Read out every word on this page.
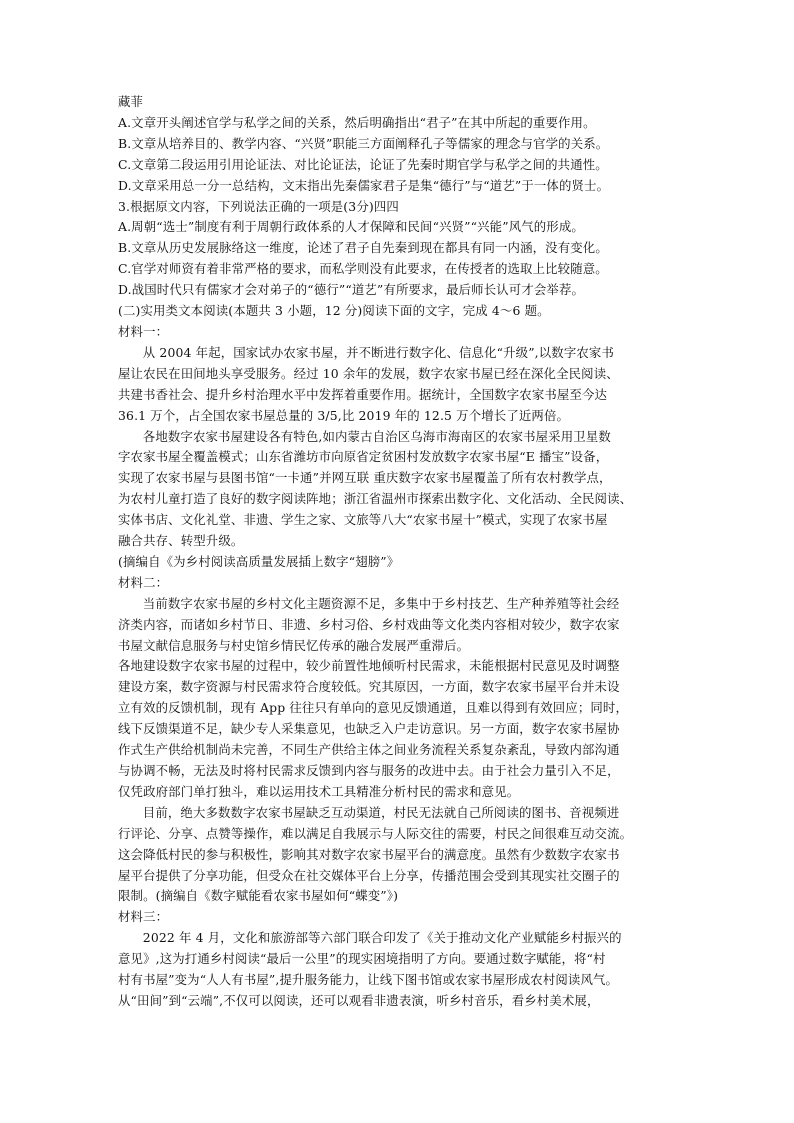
藏菲
A.文章开头阐述官学与私学之间的关系，然后明确指出“君子”在其中所起的重要作用。
B.文章从培养目的、教学内容、“兴贤”职能三方面阐释孔子等儒家的理念与官学的关系。
C.文章第二段运用引用论证法、对比论证法，论证了先秦时期官学与私学之间的共通性。
D.文章采用总一分一总结构，文末指出先秦儒家君子是集“德行”与“道艺”于一体的贤士。
3.根据原文内容，下列说法正确的一项是(3分)四四
A.周朝“选士”制度有利于周朝行政体系的人才保障和民间“兴贤”“兴能”风气的形成。
B.文章从历史发展脉络这一维度，论述了君子自先秦到现在都具有同一内涵，没有变化。
C.官学对师资有着非常严格的要求，而私学则没有此要求，在传授者的选取上比较随意。
D.战国时代只有儒家才会对弟子的“德行”“道艺”有所要求，最后师长认可才会举荐。
(二)实用类文本阅读(本题共 3 小题，12 分)阅读下面的文字，完成 4～6 题。
材料一：
从 2004 年起，国家试办农家书屋，并不断进行数字化、信息化“升级”,以数字农家书
屋让农民在田间地头享受服务。经过 10 余年的发展，数字农家书屋已经在深化全民阅读、
共建书香社会、提升乡村治理水平中发挥着重要作用。据统计，全国数字农家书屋至今达
36.1 万个，占全国农家书屋总量的 3/5,比 2019 年的 12.5 万个增长了近两倍。
各地数字农家书屋建设各有特色,如内蒙古自治区乌海市海南区的农家书屋采用卫星数
字农家书屋全覆盖模式；山东省潍坊市向原省定贫困村发放数字农家书屋“E 播宝”设备，
实现了农家书屋与县图书馆“一卡通”并网互联 重庆数字农家书屋覆盖了所有农村教学点，
为农村儿童打造了良好的数字阅读阵地；浙江省温州市探索出数字化、文化活动、全民阅读、
实体书店、文化礼堂、非遗、学生之家、文旅等八大“农家书屋十”模式，实现了农家书屋
融合共存、转型升级。
(摘编自《为乡村阅读高质量发展插上数字“翅膀”》
材料二：
当前数字农家书屋的乡村文化主题资源不足，多集中于乡村技艺、生产种养殖等社会经
济类内容，而诸如乡村节日、非遗、乡村习俗、乡村戏曲等文化类内容相对较少，数字农家
书屋文献信息服务与村史馆乡情民忆传承的融合发展严重滞后。
各地建设数字农家书屋的过程中，较少前置性地倾听村民需求，未能根据村民意见及时调整
建设方案，数字资源与村民需求符合度较低。究其原因，一方面，数字农家书屋平台并未设
立有效的反馈机制，现有 App 往往只有单向的意见反馈通道，且难以得到有效回应；同时，
线下反馈渠道不足，缺少专人采集意见，也缺乏入户走访意识。另一方面，数字农家书屋协
作式生产供给机制尚未完善，不同生产供给主体之间业务流程关系复杂紊乱，导致内部沟通
与协调不畅，无法及时将村民需求反馈到内容与服务的改进中去。由于社会力量引入不足，
仅凭政府部门单打独斗，难以运用技术工具精准分析村民的需求和意见。
目前，绝大多数数字农家书屋缺乏互动渠道，村民无法就自己所阅读的图书、音视频进
行评论、分享、点赞等操作，难以满足自我展示与人际交往的需要，村民之间很难互动交流。
这会降低村民的参与积极性，影响其对数字农家书屋平台的满意度。虽然有少数数字农家书
屋平台提供了分享功能，但受众在社交媒体平台上分享，传播范围会受到其现实社交圈子的
限制。(摘编自《数字赋能看农家书屋如何“蝶变”》)
材料三：
2022 年 4 月，文化和旅游部等六部门联合印发了《关于推动文化产业赋能乡村振兴的
意见》,这为打通乡村阅读“最后一公里”的现实困境指明了方向。要通过数字赋能，将“村
村有书屋”变为“人人有书屋”,提升服务能力，让线下图书馆或农家书屋形成农村阅读风气。
从“田间”到“云端”,不仅可以阅读，还可以观看非遗表演，听乡村音乐，看乡村美术展，
